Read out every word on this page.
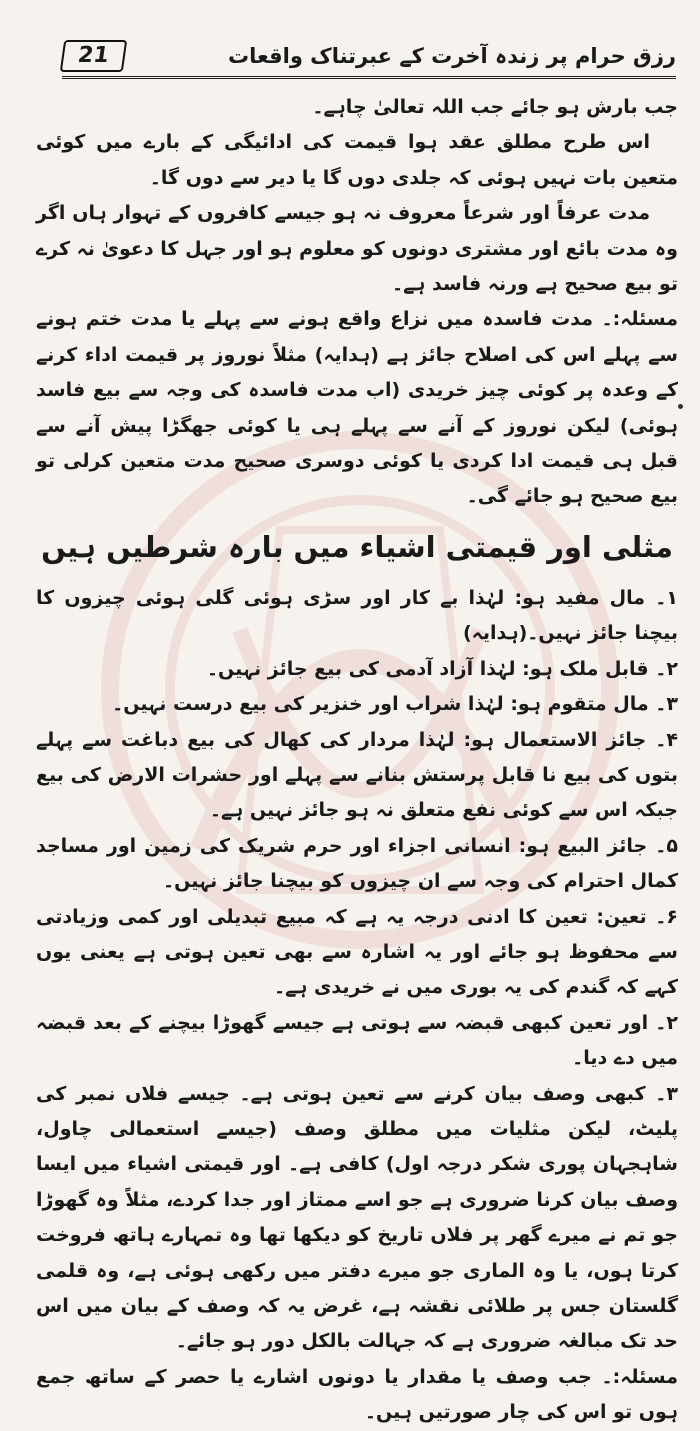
رزق حرام پر زندہ آخرت کے عبرتناک واقعات
21

جب بارش ہو جائے جب اللہ تعالیٰ چاہے۔

اس طرح مطلق عقد ہوا قیمت کی ادائیگی کے بارے میں کوئی متعین بات نہیں ہوئی کہ جلدی دوں گا یا دیر سے دوں گا۔

مدت عرفاً اور شرعاً معروف نہ ہو جیسے کافروں کے تہوار ہاں اگر وہ مدت بائع اور مشتری دونوں کو معلوم ہو اور جہل کا دعویٰ نہ کرے تو بیع صحیح ہے ورنہ فاسد ہے۔

مسئلہ:۔ مدت فاسدہ میں نزاع واقع ہونے سے پہلے یا مدت ختم ہونے سے پہلے اس کی اصلاح جائز ہے (ہدایہ) مثلاً نوروز پر قیمت اداء کرنے کے وعدہ پر کوئی چیز خریدی (اب مدت فاسدہ کی وجہ سے بیع فاسد ہوئی) لیکن نوروز کے آنے سے پہلے ہی یا کوئی جھگڑا پیش آنے سے قبل ہی قیمت ادا کردی یا کوئی دوسری صحیح مدت متعین کرلی تو بیع صحیح ہو جائے گی۔

مثلی اور قیمتی اشیاء میں بارہ شرطیں ہیں

۱۔ مال مفید ہو: لہٰذا بے کار اور سڑی ہوئی گلی ہوئی چیزوں کا بیچنا جائز نہیں۔(ہدایہ)

۲۔ قابل ملک ہو: لہٰذا آزاد آدمی کی بیع جائز نہیں۔

۳۔ مال متقوم ہو: لہٰذا شراب اور خنزیر کی بیع درست نہیں۔

۴۔ جائز الاستعمال ہو: لہٰذا مردار کی کھال کی بیع دباغت سے پہلے بتوں کی بیع نا قابل پرستش بنانے سے پہلے اور حشرات الارض کی بیع جبکہ اس سے کوئی نفع متعلق نہ ہو جائز نہیں ہے۔

۵۔ جائز البیع ہو: انسانی اجزاء اور حرم شریک کی زمین اور مساجد کمال احترام کی وجہ سے ان چیزوں کو بیچنا جائز نہیں۔

۶۔ تعین: تعین کا ادنی درجہ یہ ہے کہ مبیع تبدیلی اور کمی وزیادتی سے محفوظ ہو جائے اور یہ اشارہ سے بھی تعین ہوتی ہے یعنی یوں کہے کہ گندم کی یہ بوری میں نے خریدی ہے۔

۲۔ اور تعین کبھی قبضہ سے ہوتی ہے جیسے گھوڑا بیچنے کے بعد قبضہ میں دے دیا۔

۳۔ کبھی وصف بیان کرنے سے تعین ہوتی ہے۔ جیسے فلاں نمبر کی پلیٹ، لیکن مثلیات میں مطلق وصف (جیسے استعمالی چاول، شاہجہان پوری شکر درجہ اول) کافی ہے۔ اور قیمتی اشیاء میں ایسا وصف بیان کرنا ضروری ہے جو اسے ممتاز اور جدا کردے، مثلاً وہ گھوڑا جو تم نے میرے گھر پر فلاں تاریخ کو دیکھا تھا وہ تمہارے ہاتھ فروخت کرتا ہوں، یا وہ الماری جو میرے دفتر میں رکھی ہوئی ہے، وہ قلمی گلستان جس پر طلائی نقشہ ہے، غرض یہ کہ وصف کے بیان میں اس حد تک مبالغہ ضروری ہے کہ جہالت بالکل دور ہو جائے۔

مسئلہ:۔ جب وصف یا مقدار یا دونوں اشارے یا حصر کے ساتھ جمع ہوں تو اس کی چار صورتیں ہیں۔
